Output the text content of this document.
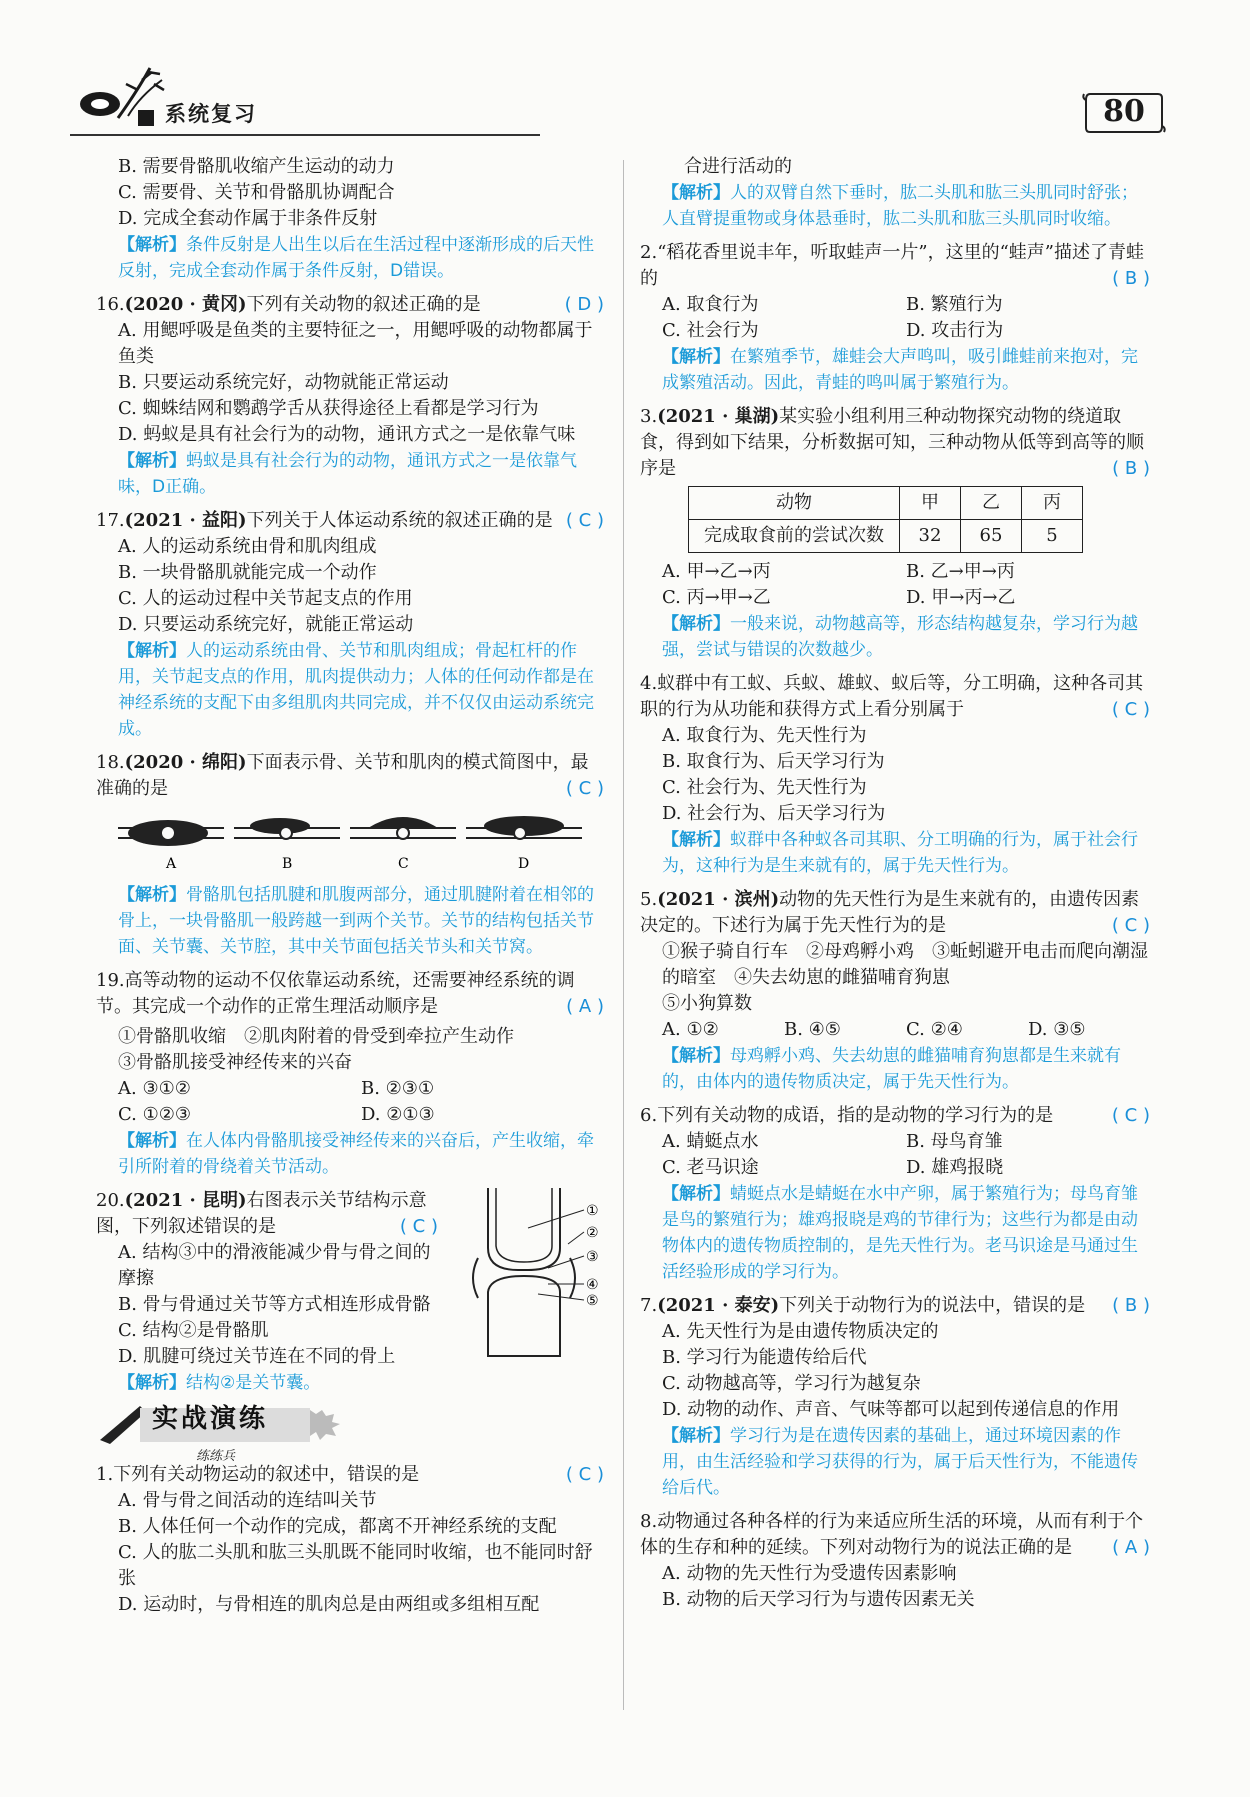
系统复习	80
B. 需要骨骼肌收缩产生运动的动力
C. 需要骨、关节和骨骼肌协调配合
D. 完成全套动作属于非条件反射
【解析】条件反射是人出生以后在生活过程中逐渐形成的后天性反射，完成全套动作属于条件反射，D错误。
16.(2020 · 黄冈)下列有关动物的叙述正确的是	( D )
A. 用鳃呼吸是鱼类的主要特征之一，用鳃呼吸的动物都属于鱼类
B. 只要运动系统完好，动物就能正常运动
C. 蜘蛛结网和鹦鹉学舌从获得途径上看都是学习行为
D. 蚂蚁是具有社会行为的动物，通讯方式之一是依靠气味
【解析】蚂蚁是具有社会行为的动物，通讯方式之一是依靠气味，D正确。
17.(2021 · 益阳)下列关于人体运动系统的叙述正确的是 ( C )
A. 人的运动系统由骨和肌肉组成
B. 一块骨骼肌就能完成一个动作
C. 人的运动过程中关节起支点的作用
D. 只要运动系统完好，就能正常运动
【解析】人的运动系统由骨、关节和肌肉组成；骨起杠杆的作用，关节起支点的作用，肌肉提供动力；人体的任何动作都是在神经系统的支配下由多组肌肉共同完成，并不仅仅由运动系统完成。
18.(2020 · 绵阳)下面表示骨、关节和肌肉的模式简图中，最准确的是	( C )
A	B	C	D
【解析】骨骼肌包括肌腱和肌腹两部分，通过肌腱附着在相邻的骨上，一块骨骼肌一般跨越一到两个关节。关节的结构包括关节面、关节囊、关节腔，其中关节面包括关节头和关节窝。
19.高等动物的运动不仅依靠运动系统，还需要神经系统的调节。其完成一个动作的正常生理活动顺序是	( A )
①骨骼肌收缩　②肌肉附着的骨受到牵拉产生动作
③骨骼肌接受神经传来的兴奋
A. ③①②	B. ②③①
C. ①②③	D. ②①③
【解析】在人体内骨骼肌接受神经传来的兴奋后，产生收缩，牵引所附着的骨绕着关节活动。
①
②
③
④
⑤
20.(2021 · 昆明)右图表示关节结构示意图，下列叙述错误的是	( C )
A. 结构③中的滑液能减少骨与骨之间的摩擦
B. 骨与骨通过关节等方式相连形成骨骼
C. 结构②是骨骼肌
D. 肌腱可绕过关节连在不同的骨上
【解析】结构②是关节囊。
实战演练
练练兵
1.下列有关动物运动的叙述中，错误的是	( C )
A. 骨与骨之间活动的连结叫关节
B. 人体任何一个动作的完成，都离不开神经系统的支配
C. 人的肱二头肌和肱三头肌既不能同时收缩，也不能同时舒张
D. 运动时，与骨相连的肌肉总是由两组或多组相互配
合进行活动的
【解析】人的双臂自然下垂时，肱二头肌和肱三头肌同时舒张；人直臂提重物或身体悬垂时，肱二头肌和肱三头肌同时收缩。
2.“稻花香里说丰年，听取蛙声一片”，这里的“蛙声”描述了青蛙的	( B )
A. 取食行为	B. 繁殖行为
C. 社会行为	D. 攻击行为
【解析】在繁殖季节，雄蛙会大声鸣叫，吸引雌蛙前来抱对，完成繁殖活动。因此，青蛙的鸣叫属于繁殖行为。
3.(2021 · 巢湖)某实验小组利用三种动物探究动物的绕道取食，得到如下结果，分析数据可知，三种动物从低等到高等的顺序是	( B )
动物	甲	乙	丙
完成取食前的尝试次数	32	65	5
A. 甲→乙→丙	B. 乙→甲→丙
C. 丙→甲→乙	D. 甲→丙→乙
【解析】一般来说，动物越高等，形态结构越复杂，学习行为越强，尝试与错误的次数越少。
4.蚁群中有工蚁、兵蚁、雄蚁、蚁后等，分工明确，这种各司其职的行为从功能和获得方式上看分别属于	( C )
A. 取食行为、先天性行为
B. 取食行为、后天学习行为
C. 社会行为、先天性行为
D. 社会行为、后天学习行为
【解析】蚁群中各种蚁各司其职、分工明确的行为，属于社会行为，这种行为是生来就有的，属于先天性行为。
5.(2021 · 滨州)动物的先天性行为是生来就有的，由遗传因素决定的。下述行为属于先天性行为的是	( C )
①猴子骑自行车　②母鸡孵小鸡　③蚯蚓避开电击而爬向潮湿的暗室　④失去幼崽的雌猫哺育狗崽
⑤小狗算数
A. ①②	B. ④⑤	C. ②④	D. ③⑤
【解析】母鸡孵小鸡、失去幼崽的雌猫哺育狗崽都是生来就有的，由体内的遗传物质决定，属于先天性行为。
6.下列有关动物的成语，指的是动物的学习行为的是	( C )
A. 蜻蜓点水	B. 母鸟育雏
C. 老马识途	D. 雄鸡报晓
【解析】蜻蜓点水是蜻蜓在水中产卵，属于繁殖行为；母鸟育雏是鸟的繁殖行为；雄鸡报晓是鸡的节律行为；这些行为都是由动物体内的遗传物质控制的，是先天性行为。老马识途是马通过生活经验形成的学习行为。
7.(2021 · 泰安)下列关于动物行为的说法中，错误的是 ( B )
A. 先天性行为是由遗传物质决定的
B. 学习行为能遗传给后代
C. 动物越高等，学习行为越复杂
D. 动物的动作、声音、气味等都可以起到传递信息的作用
【解析】学习行为是在遗传因素的基础上，通过环境因素的作用，由生活经验和学习获得的行为，属于后天性行为，不能遗传给后代。
8.动物通过各种各样的行为来适应所生活的环境，从而有利于个体的生存和种的延续。下列对动物行为的说法正确的是 ( A )
A. 动物的先天性行为受遗传因素影响
B. 动物的后天学习行为与遗传因素无关
